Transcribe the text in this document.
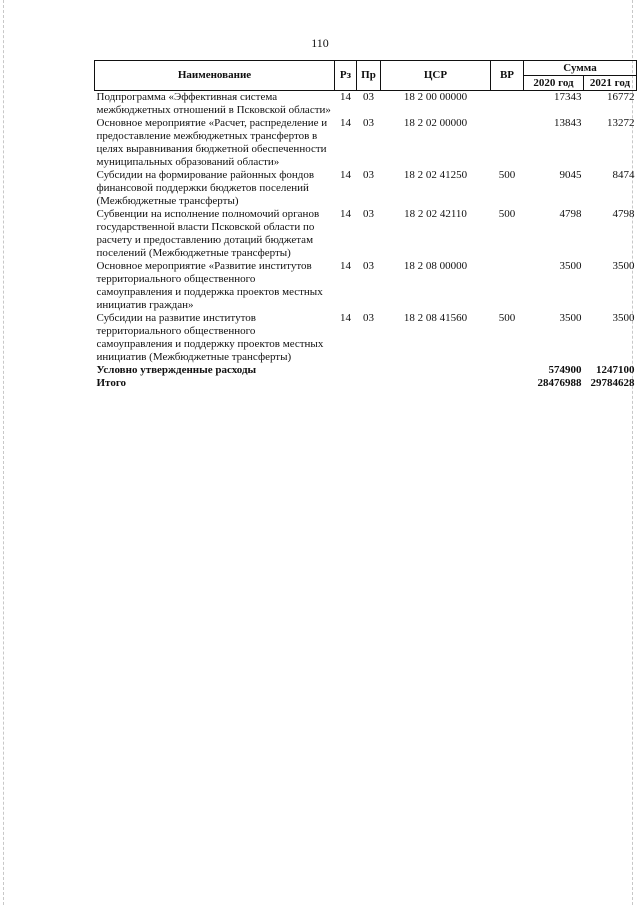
110
Наименование	Рз	Пр	ЦСР	ВР	Сумма	
					2020 год	2021 год
Подпрограмма «Эффективная система межбюджетных отношений в Псковской области»	14	03	18 2 00 00000		17343	16772
Основное мероприятие «Расчет, распределение и предоставление межбюджетных трансфертов в целях выравнивания бюджетной обеспеченности муниципальных образований области»	14	03	18 2 02 00000		13843	13272
Субсидии на формирование районных фондов финансовой поддержки бюджетов поселений (Межбюджетные трансферты)	14	03	18 2 02 41250	500	9045	8474
Субвенции на исполнение полномочий органов государственной власти Псковской области по расчету и предоставлению дотаций бюджетам поселений (Межбюджетные трансферты)	14	03	18 2 02 42110	500	4798	4798
Основное мероприятие «Развитие институтов территориального общественного самоуправления и поддержка проектов местных инициатив граждан»	14	03	18 2 08 00000		3500	3500
Субсидии на развитие институтов территориального общественного самоуправления и поддержку проектов местных инициатив (Межбюджетные трансферты)	14	03	18 2 08 41560	500	3500	3500
Условно утвержденные расходы					574900	1247100
Итого					28476988	29784628
